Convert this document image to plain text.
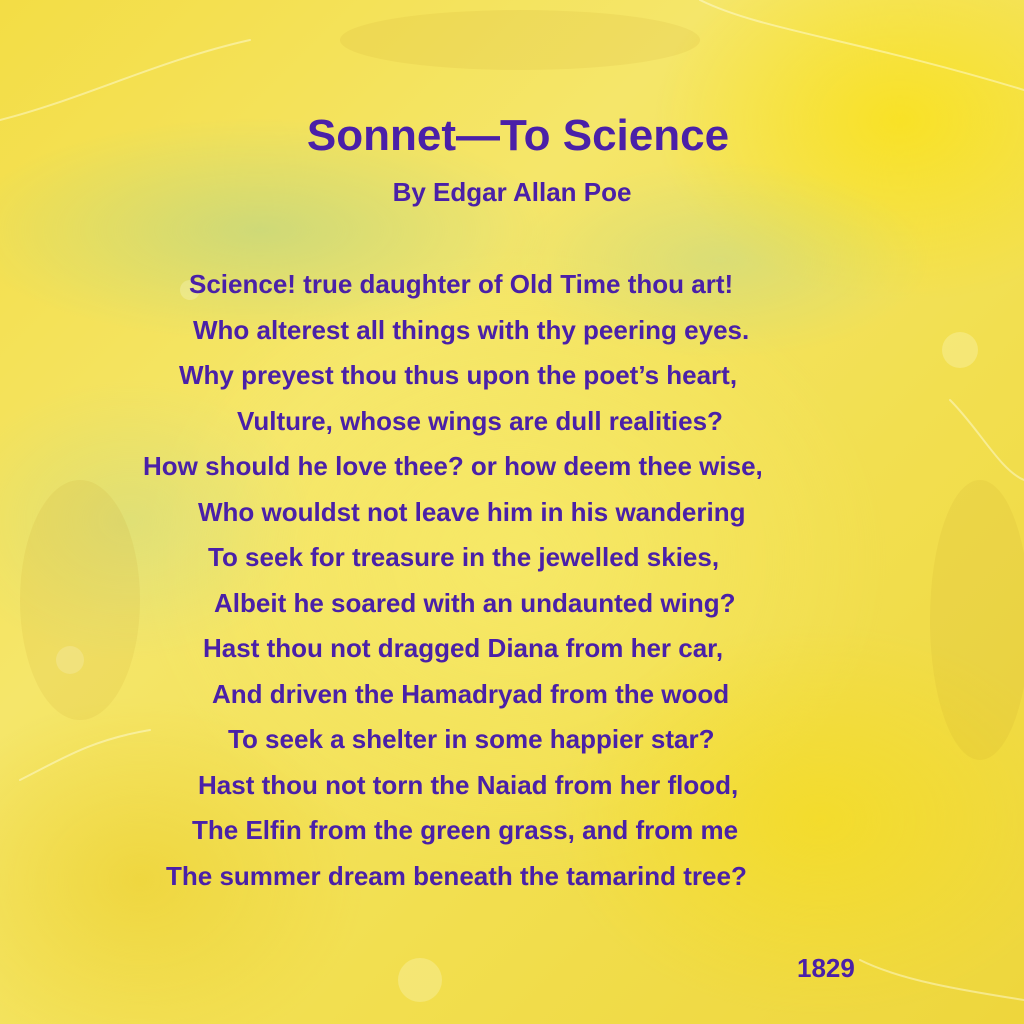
Sonnet—To Science
By Edgar Allan Poe
Science! true daughter of Old Time thou art!
Who alterest all things with thy peering eyes.
Why preyest thou thus upon the poet’s heart,
Vulture, whose wings are dull realities?
How should he love thee? or how deem thee wise,
Who wouldst not leave him in his wandering
To seek for treasure in the jewelled skies,
Albeit he soared with an undaunted wing?
Hast thou not dragged Diana from her car,
And driven the Hamadryad from the wood
To seek a shelter in some happier star?
Hast thou not torn the Naiad from her flood,
The Elfin from the green grass, and from me
The summer dream beneath the tamarind tree?
1829
